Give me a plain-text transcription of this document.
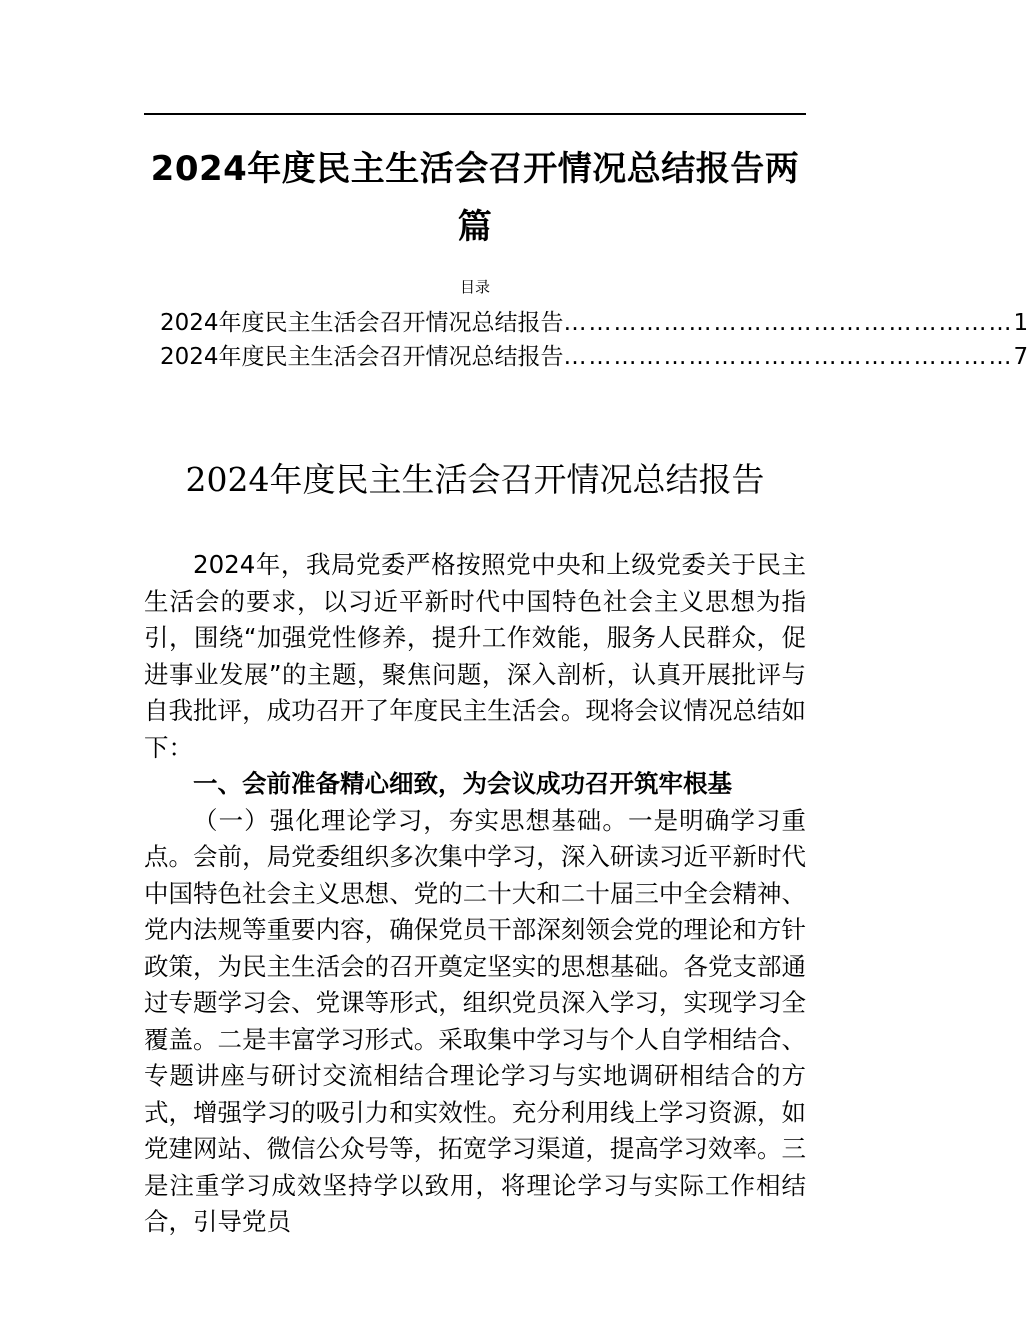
2024年度民主生活会召开情况总结报告两篇
目录
2024年度民主生活会召开情况总结报告 ……………………………………………… 1
2024年度民主生活会召开情况总结报告 ……………………………………………… 7
2024年度民主生活会召开情况总结报告

2024年，我局党委严格按照党中央和上级党委关于民主生活会的要求，以习近平新时代中国特色社会主义思想为指引，围绕“加强党性修养，提升工作效能，服务人民群众，促进事业发展”的主题，聚焦问题，深入剖析，认真开展批评与自我批评，成功召开了年度民主生活会。现将会议情况总结如下：

一、会前准备精心细致，为会议成功召开筑牢根基

（一）强化理论学习，夯实思想基础。一是明确学习重点。会前，局党委组织多次集中学习，深入研读习近平新时代中国特色社会主义思想、党的二十大和二十届三中全会精神、党内法规等重要内容，确保党员干部深刻领会党的理论和方针政策，为民主生活会的召开奠定坚实的思想基础。各党支部通过专题学习会、党课等形式，组织党员深入学习，实现学习全覆盖。二是丰富学习形式。采取集中学习与个人自学相结合、专题讲座与研讨交流相结合理论学习与实地调研相结合的方式，增强学习的吸引力和实效性。充分利用线上学习资源，如党建网站、微信公众号等，拓宽学习渠道，提高学习效率。三是注重学习成效坚持学以致用，将理论学习与实际工作相结合，引导党员
